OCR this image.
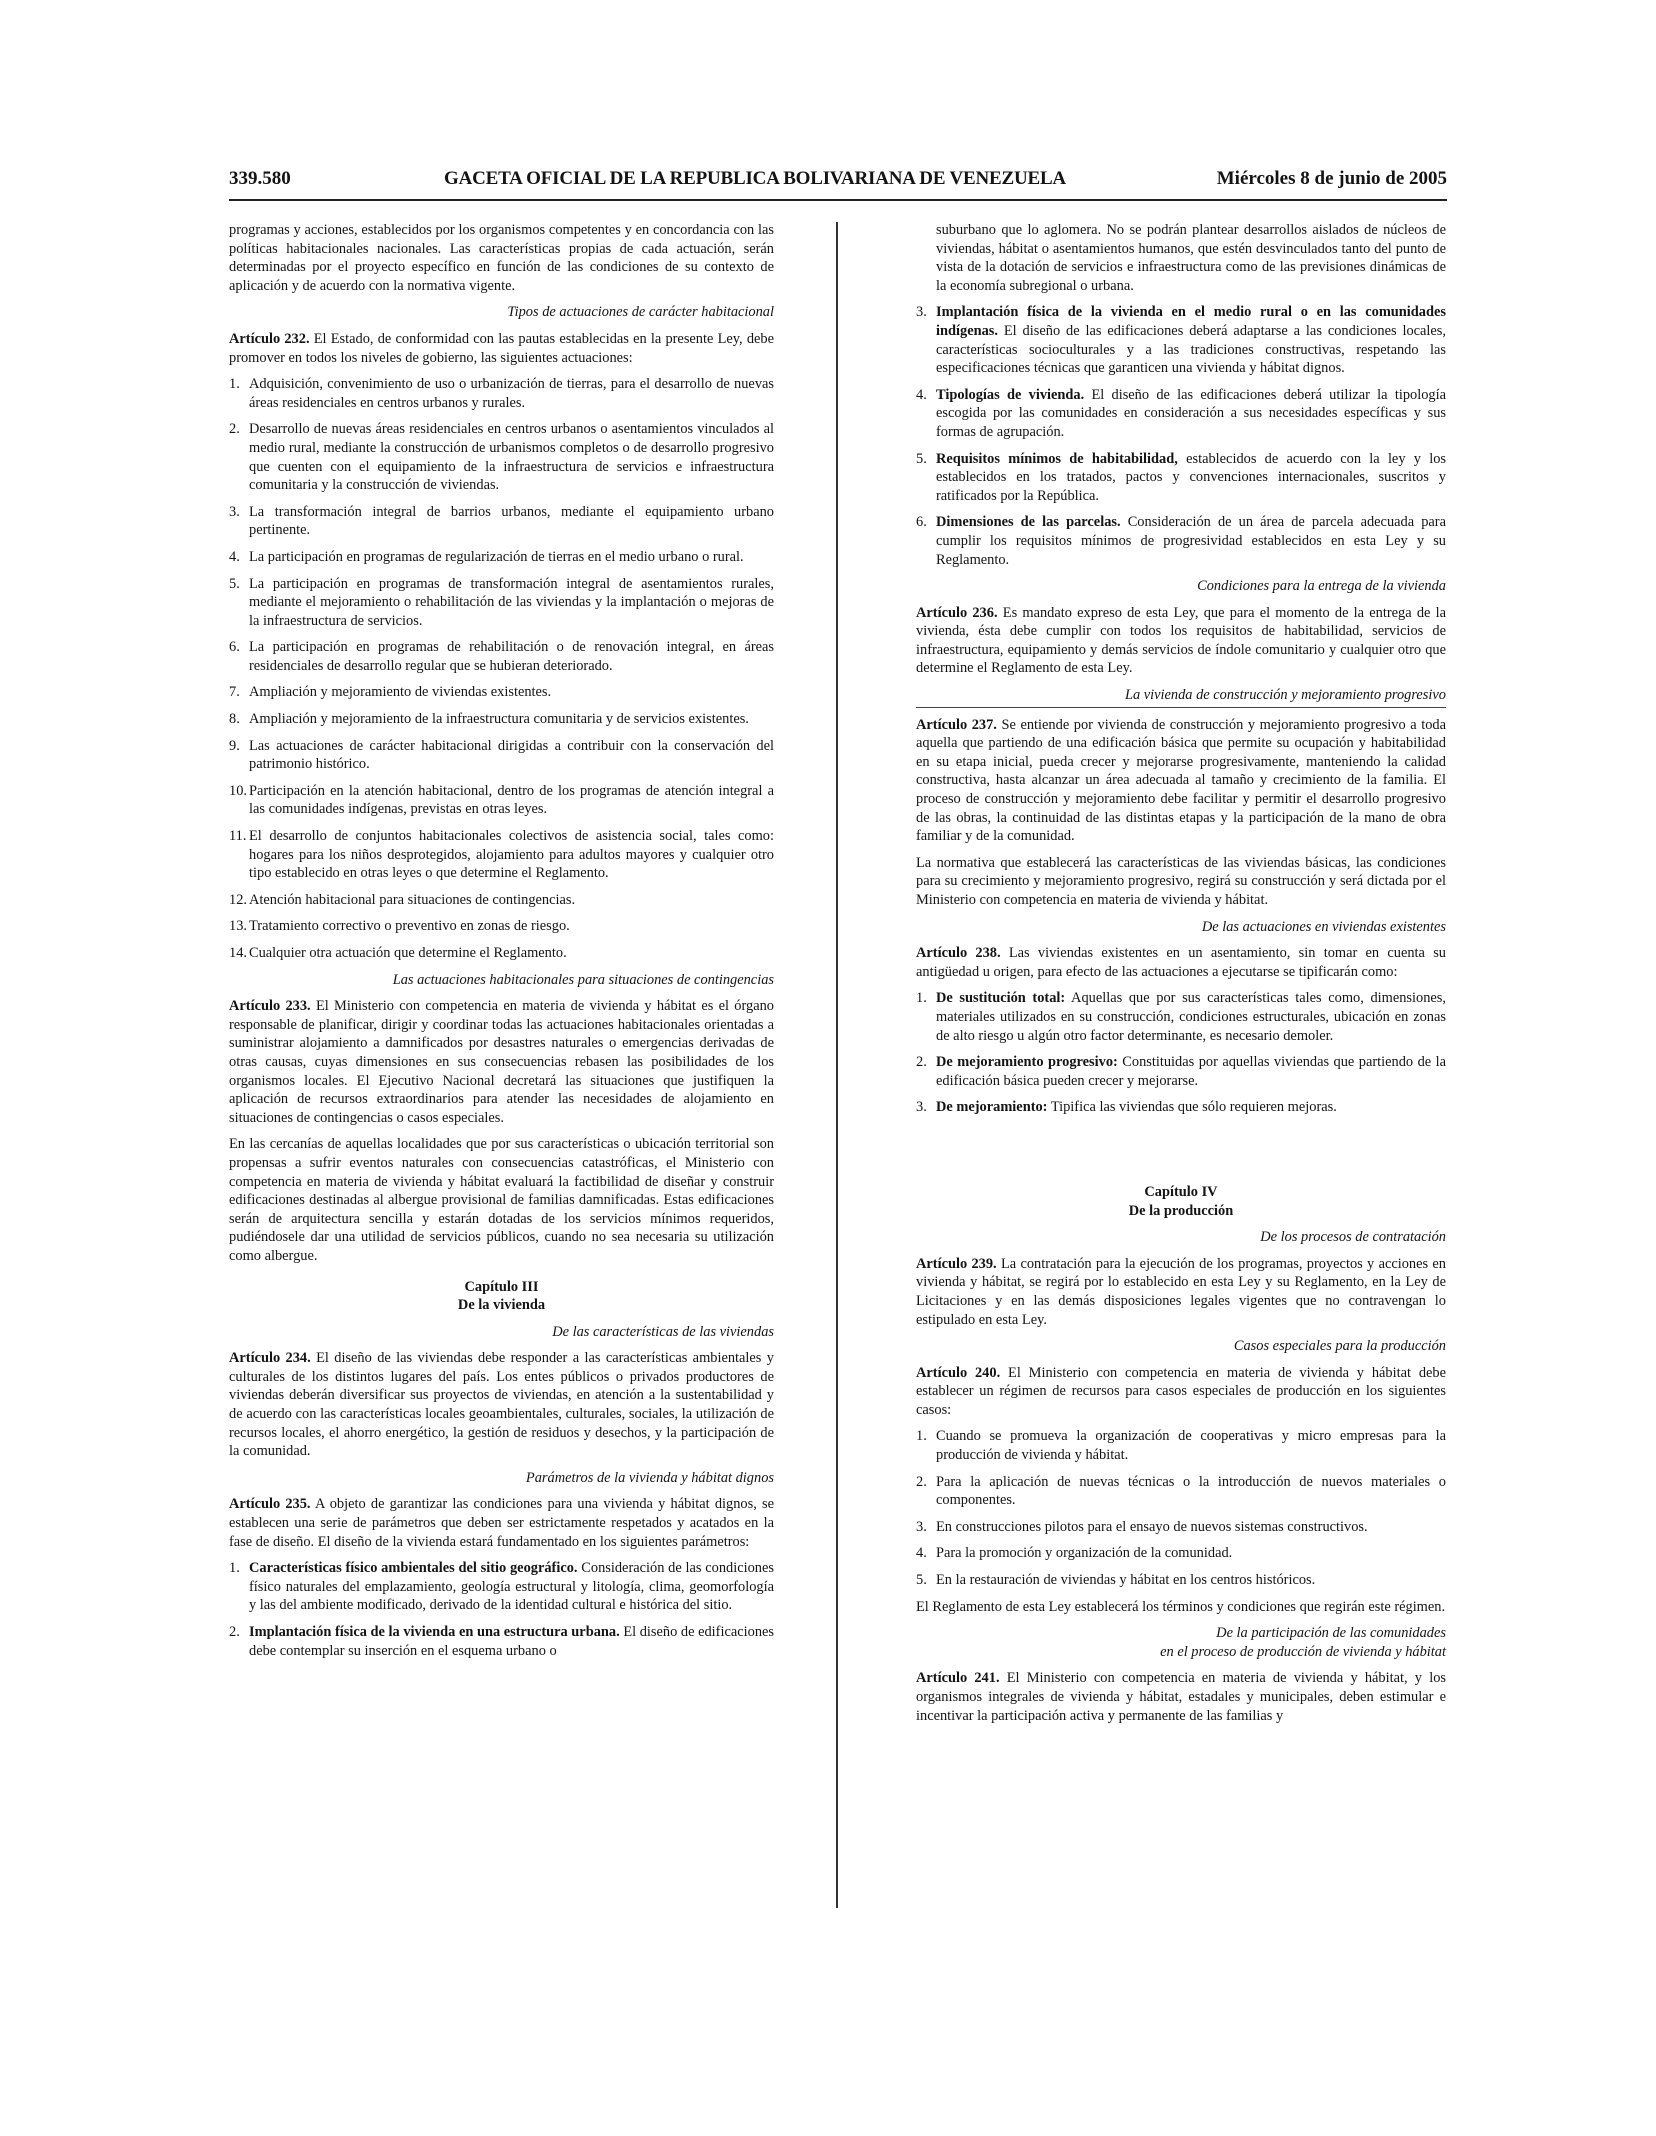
339.580	GACETA OFICIAL DE LA REPUBLICA BOLIVARIANA DE VENEZUELA	Miércoles 8 de junio de 2005

programas y acciones, establecidos por los organismos competentes y en concordancia con las políticas habitacionales nacionales. Las características propias de cada actuación, serán determinadas por el proyecto específico en función de las condiciones de su contexto de aplicación y de acuerdo con la normativa vigente.

Tipos de actuaciones de carácter habitacional

Artículo 232. El Estado, de conformidad con las pautas establecidas en la presente Ley, debe promover en todos los niveles de gobierno, las siguientes actuaciones:

1. Adquisición, convenimiento de uso o urbanización de tierras, para el desarrollo de nuevas áreas residenciales en centros urbanos y rurales.
2. Desarrollo de nuevas áreas residenciales en centros urbanos o asentamientos vinculados al medio rural, mediante la construcción de urbanismos completos o de desarrollo progresivo que cuenten con el equipamiento de la infraestructura de servicios e infraestructura comunitaria y la construcción de viviendas.
3. La transformación integral de barrios urbanos, mediante el equipamiento urbano pertinente.
4. La participación en programas de regularización de tierras en el medio urbano o rural.
5. La participación en programas de transformación integral de asentamientos rurales, mediante el mejoramiento o rehabilitación de las viviendas y la implantación o mejoras de la infraestructura de servicios.
6. La participación en programas de rehabilitación o de renovación integral, en áreas residenciales de desarrollo regular que se hubieran deteriorado.
7. Ampliación y mejoramiento de viviendas existentes.
8. Ampliación y mejoramiento de la infraestructura comunitaria y de servicios existentes.
9. Las actuaciones de carácter habitacional dirigidas a contribuir con la conservación del patrimonio histórico.
10. Participación en la atención habitacional, dentro de los programas de atención integral a las comunidades indígenas, previstas en otras leyes.
11. El desarrollo de conjuntos habitacionales colectivos de asistencia social, tales como: hogares para los niños desprotegidos, alojamiento para adultos mayores y cualquier otro tipo establecido en otras leyes o que determine el Reglamento.
12. Atención habitacional para situaciones de contingencias.
13. Tratamiento correctivo o preventivo en zonas de riesgo.
14. Cualquier otra actuación que determine el Reglamento.
Las actuaciones habitacionales para situaciones de contingencias

Artículo 233. El Ministerio con competencia en materia de vivienda y hábitat es el órgano responsable de planificar, dirigir y coordinar todas las actuaciones habitacionales orientadas a suministrar alojamiento a damnificados por desastres naturales o emergencias derivadas de otras causas, cuyas dimensiones en sus consecuencias rebasen las posibilidades de los organismos locales. El Ejecutivo Nacional decretará las situaciones que justifiquen la aplicación de recursos extraordinarios para atender las necesidades de alojamiento en situaciones de contingencias o casos especiales.

En las cercanías de aquellas localidades que por sus características o ubicación territorial son propensas a sufrir eventos naturales con consecuencias catastróficas, el Ministerio con competencia en materia de vivienda y hábitat evaluará la factibilidad de diseñar y construir edificaciones destinadas al albergue provisional de familias damnificadas. Estas edificaciones serán de arquitectura sencilla y estarán dotadas de los servicios mínimos requeridos, pudiéndosele dar una utilidad de servicios públicos, cuando no sea necesaria su utilización como albergue.

Capítulo III

De la vivienda

De las características de las viviendas

Artículo 234. El diseño de las viviendas debe responder a las características ambientales y culturales de los distintos lugares del país. Los entes públicos o privados productores de viviendas deberán diversificar sus proyectos de viviendas, en atención a la sustentabilidad y de acuerdo con las características locales geoambientales, culturales, sociales, la utilización de recursos locales, el ahorro energético, la gestión de residuos y desechos, y la participación de la comunidad.

Parámetros de la vivienda y hábitat dignos

Artículo 235. A objeto de garantizar las condiciones para una vivienda y hábitat dignos, se establecen una serie de parámetros que deben ser estrictamente respetados y acatados en la fase de diseño. El diseño de la vivienda estará fundamentado en los siguientes parámetros:

1. Características físico ambientales del sitio geográfico. Consideración de las condiciones físico naturales del emplazamiento, geología estructural y litología, clima, geomorfología y las del ambiente modificado, derivado de la identidad cultural e histórica del sitio.
2. Implantación física de la vivienda en una estructura urbana. El diseño de edificaciones debe contemplar su inserción en el esquema urbano o

suburbano que lo aglomera. No se podrán plantear desarrollos aislados de núcleos de viviendas, hábitat o asentamientos humanos, que estén desvinculados tanto del punto de vista de la dotación de servicios e infraestructura como de las previsiones dinámicas de la economía subregional o urbana.

3. Implantación física de la vivienda en el medio rural o en las comunidades indígenas. El diseño de las edificaciones deberá adaptarse a las condiciones locales, características socioculturales y a las tradiciones constructivas, respetando las especificaciones técnicas que garanticen una vivienda y hábitat dignos.
4. Tipologías de vivienda. El diseño de las edificaciones deberá utilizar la tipología escogida por las comunidades en consideración a sus necesidades específicas y sus formas de agrupación.
5. Requisitos mínimos de habitabilidad, establecidos de acuerdo con la ley y los establecidos en los tratados, pactos y convenciones internacionales, suscritos y ratificados por la República.
6. Dimensiones de las parcelas. Consideración de un área de parcela adecuada para cumplir los requisitos mínimos de progresividad establecidos en esta Ley y su Reglamento.
Condiciones para la entrega de la vivienda

Artículo 236. Es mandato expreso de esta Ley, que para el momento de la entrega de la vivienda, ésta debe cumplir con todos los requisitos de habitabilidad, servicios de infraestructura, equipamiento y demás servicios de índole comunitario y cualquier otro que determine el Reglamento de esta Ley.

La vivienda de construcción y mejoramiento progresivo

Artículo 237. Se entiende por vivienda de construcción y mejoramiento progresivo a toda aquella que partiendo de una edificación básica que permite su ocupación y habitabilidad en su etapa inicial, pueda crecer y mejorarse progresivamente, manteniendo la calidad constructiva, hasta alcanzar un área adecuada al tamaño y crecimiento de la familia. El proceso de construcción y mejoramiento debe facilitar y permitir el desarrollo progresivo de las obras, la continuidad de las distintas etapas y la participación de la mano de obra familiar y de la comunidad.

La normativa que establecerá las características de las viviendas básicas, las condiciones para su crecimiento y mejoramiento progresivo, regirá su construcción y será dictada por el Ministerio con competencia en materia de vivienda y hábitat.

De las actuaciones en viviendas existentes

Artículo 238. Las viviendas existentes en un asentamiento, sin tomar en cuenta su antigüedad u origen, para efecto de las actuaciones a ejecutarse se tipificarán como:

1. De sustitución total: Aquellas que por sus características tales como, dimensiones, materiales utilizados en su construcción, condiciones estructurales, ubicación en zonas de alto riesgo u algún otro factor determinante, es necesario demoler.
2. De mejoramiento progresivo: Constituidas por aquellas viviendas que partiendo de la edificación básica pueden crecer y mejorarse.
3. De mejoramiento: Tipifica las viviendas que sólo requieren mejoras.

Capítulo IV

De la producción

De los procesos de contratación

Artículo 239. La contratación para la ejecución de los programas, proyectos y acciones en vivienda y hábitat, se regirá por lo establecido en esta Ley y su Reglamento, en la Ley de Licitaciones y en las demás disposiciones legales vigentes que no contravengan lo estipulado en esta Ley.

Casos especiales para la producción

Artículo 240. El Ministerio con competencia en materia de vivienda y hábitat debe establecer un régimen de recursos para casos especiales de producción en los siguientes casos:

1. Cuando se promueva la organización de cooperativas y micro empresas para la producción de vivienda y hábitat.
2. Para la aplicación de nuevas técnicas o la introducción de nuevos materiales o componentes.
3. En construcciones pilotos para el ensayo de nuevos sistemas constructivos.
4. Para la promoción y organización de la comunidad.
5. En la restauración de viviendas y hábitat en los centros históricos.

El Reglamento de esta Ley establecerá los términos y condiciones que regirán este régimen.

De la participación de las comunidades
en el proceso de producción de vivienda y hábitat

Artículo 241. El Ministerio con competencia en materia de vivienda y hábitat, y los organismos integrales de vivienda y hábitat, estadales y municipales, deben estimular e incentivar la participación activa y permanente de las familias y
